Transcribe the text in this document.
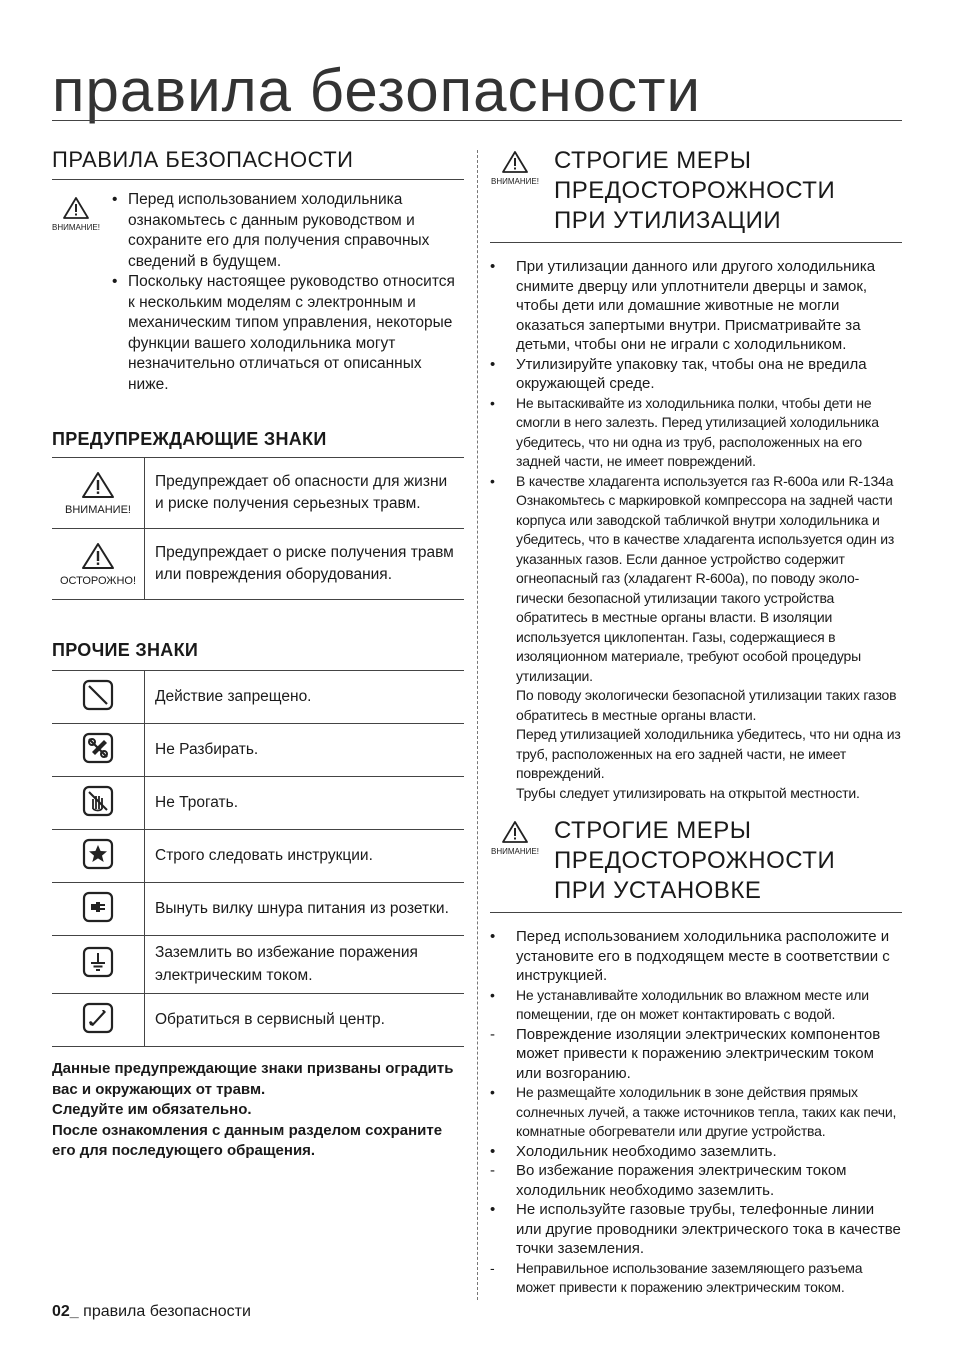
правила безопасности
ПРАВИЛА БЕЗОПАСНОСТИ
ВНИМАНИЕ!
• Перед использованием холодильника ознакомьтесь с данным руководством и сохраните его для получения справочных сведений в будущем.
• Поскольку настоящее руководство относится к нескольким моделям с электронным и механическим типом управления, некоторые функции вашего холодильника могут незначительно отличаться от описанных ниже.
ПРЕДУПРЕЖДАЮЩИЕ ЗНАКИ
ВНИМАНИЕ!	Предупреждает об опасности для жизни и риске получения серьезных травм.

ОСТОРОЖНО!	Предупреждает о риске получения травм или повреждения оборудования.
ПРОЧИЕ ЗНАКИ
	Действие запрещено.
	Не Разбирать.
	Не Трогать.
	Строго следовать инструкции.
	Вынуть вилку шнура питания из розетки.
	Заземлить во избежание поражения электрическим током.
	Обратиться в сервисный центр.
Данные предупреждающие знаки призваны оградить вас и окружающих от травм.
Следуйте им обязательно.
После ознакомления с данным разделом сохраните его для последующего обращения.
ВНИМАНИЕ!
СТРОГИЕ МЕРЫ
ПРЕДОСТОРОЖНОСТИ
ПРИ УТИЛИЗАЦИИ
• При утилизации данного или другого холодильника снимите дверцу или уплотнители дверцы и замок, чтобы дети или домашние животные не могли оказаться запертыми внутри. Присматривайте за детьми, чтобы они не играли с холодильником.
• Утилизируйте упаковку так, чтобы она не вредила окружающей среде.
• Не вытаскивайте из холодильника полки, чтобы дети не смогли в него залезть. Перед утилизацией холодильника убедитесь, что ни одна из труб, расположенных на его задней части, не имеет повреждений.
• В качестве хладагента используется газ R-600a или R-134a Ознакомьтесь с маркировкой компрессора на задней части корпуса или заводской табличкой внутри холодильника и убедитесь, что в качестве хладагента используется один из указанных газов. Если данное устройство содержит огнеопасный газ (хладагент R-600a), по поводу эколо-гически безопасной утилизации такого устройства обратитесь в местные органы власти. В изоляции используется циклопентан. Газы, содержащиеся в изоляционном материале, требуют особой процедуры утилизации.
По поводу экологически безопасной утилизации таких газов обратитесь в местные органы власти.
Перед утилизацией холодильника убедитесь, что ни одна из труб, расположенных на его задней части, не имеет повреждений.
Трубы следует утилизировать на открытой местности.
ВНИМАНИЕ!
СТРОГИЕ МЕРЫ
ПРЕДОСТОРОЖНОСТИ
ПРИ УСТАНОВКЕ
• Перед использованием холодильника расположите и установите его в подходящем месте в соответствии с инструкцией.
• Не устанавливайте холодильник во влажном месте или помещении, где он может контактировать с водой.
- Повреждение изоляции электрических компонентов может привести к поражению электрическим током или возгоранию.
• Не размещайте холодильник в зоне действия прямых солнечных лучей, а также источников тепла, таких как печи, комнатные обогреватели или другие устройства.
• Холодильник необходимо заземлить.
- Во избежание поражения электрическим током холодильник необходимо заземлить.
• Не используйте газовые трубы, телефонные линии или другие проводники электрического тока в качестве точки заземления.
- Неправильное использование заземляющего разъема может привести к поражению электрическим током.
02_ правила безопасности
